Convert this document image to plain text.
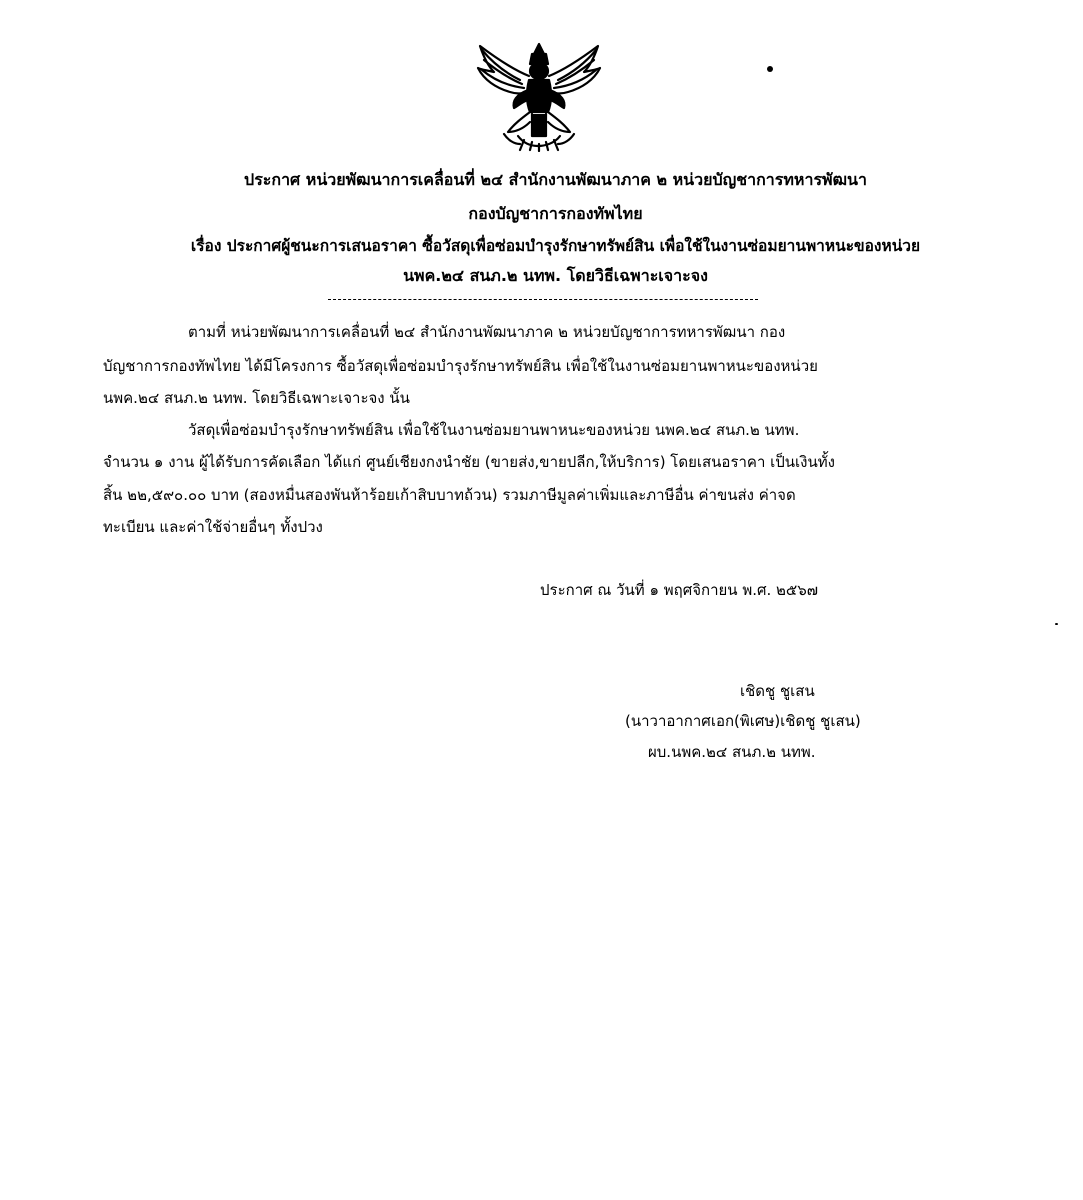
ประกาศ หน่วยพัฒนาการเคลื่อนที่ ๒๔ สำนักงานพัฒนาภาค ๒ หน่วยบัญชาการทหารพัฒนา
กองบัญชาการกองทัพไทย
เรื่อง ประกาศผู้ชนะการเสนอราคา ซื้อวัสดุเพื่อซ่อมบำรุงรักษาทรัพย์สิน เพื่อใช้ในงานซ่อมยานพาหนะของหน่วย
นพค.๒๔ สนภ.๒ นทพ. โดยวิธีเฉพาะเจาะจง
ตามที่ หน่วยพัฒนาการเคลื่อนที่ ๒๔ สำนักงานพัฒนาภาค ๒ หน่วยบัญชาการทหารพัฒนา กอง
บัญชาการกองทัพไทย ได้มีโครงการ ซื้อวัสดุเพื่อซ่อมบำรุงรักษาทรัพย์สิน เพื่อใช้ในงานซ่อมยานพาหนะของหน่วย
นพค.๒๔ สนภ.๒ นทพ. โดยวิธีเฉพาะเจาะจง นั้น
วัสดุเพื่อซ่อมบำรุงรักษาทรัพย์สิน เพื่อใช้ในงานซ่อมยานพาหนะของหน่วย นพค.๒๔ สนภ.๒ นทพ.
จำนวน ๑ งาน ผู้ได้รับการคัดเลือก ได้แก่ ศูนย์เชียงกงนำชัย (ขายส่ง,ขายปลีก,ให้บริการ) โดยเสนอราคา เป็นเงินทั้ง
สิ้น ๒๒,๕๙๐.๐๐ บาท (สองหมื่นสองพันห้าร้อยเก้าสิบบาทถ้วน) รวมภาษีมูลค่าเพิ่มและภาษีอื่น ค่าขนส่ง ค่าจด
ทะเบียน และค่าใช้จ่ายอื่นๆ ทั้งปวง
ประกาศ ณ วันที่ ๑ พฤศจิกายน พ.ศ. ๒๕๖๗
เชิดชู ชูเสน
(นาวาอากาศเอก(พิเศษ)เชิดชู ชูเสน)
ผบ.นพค.๒๔ สนภ.๒ นทพ.
